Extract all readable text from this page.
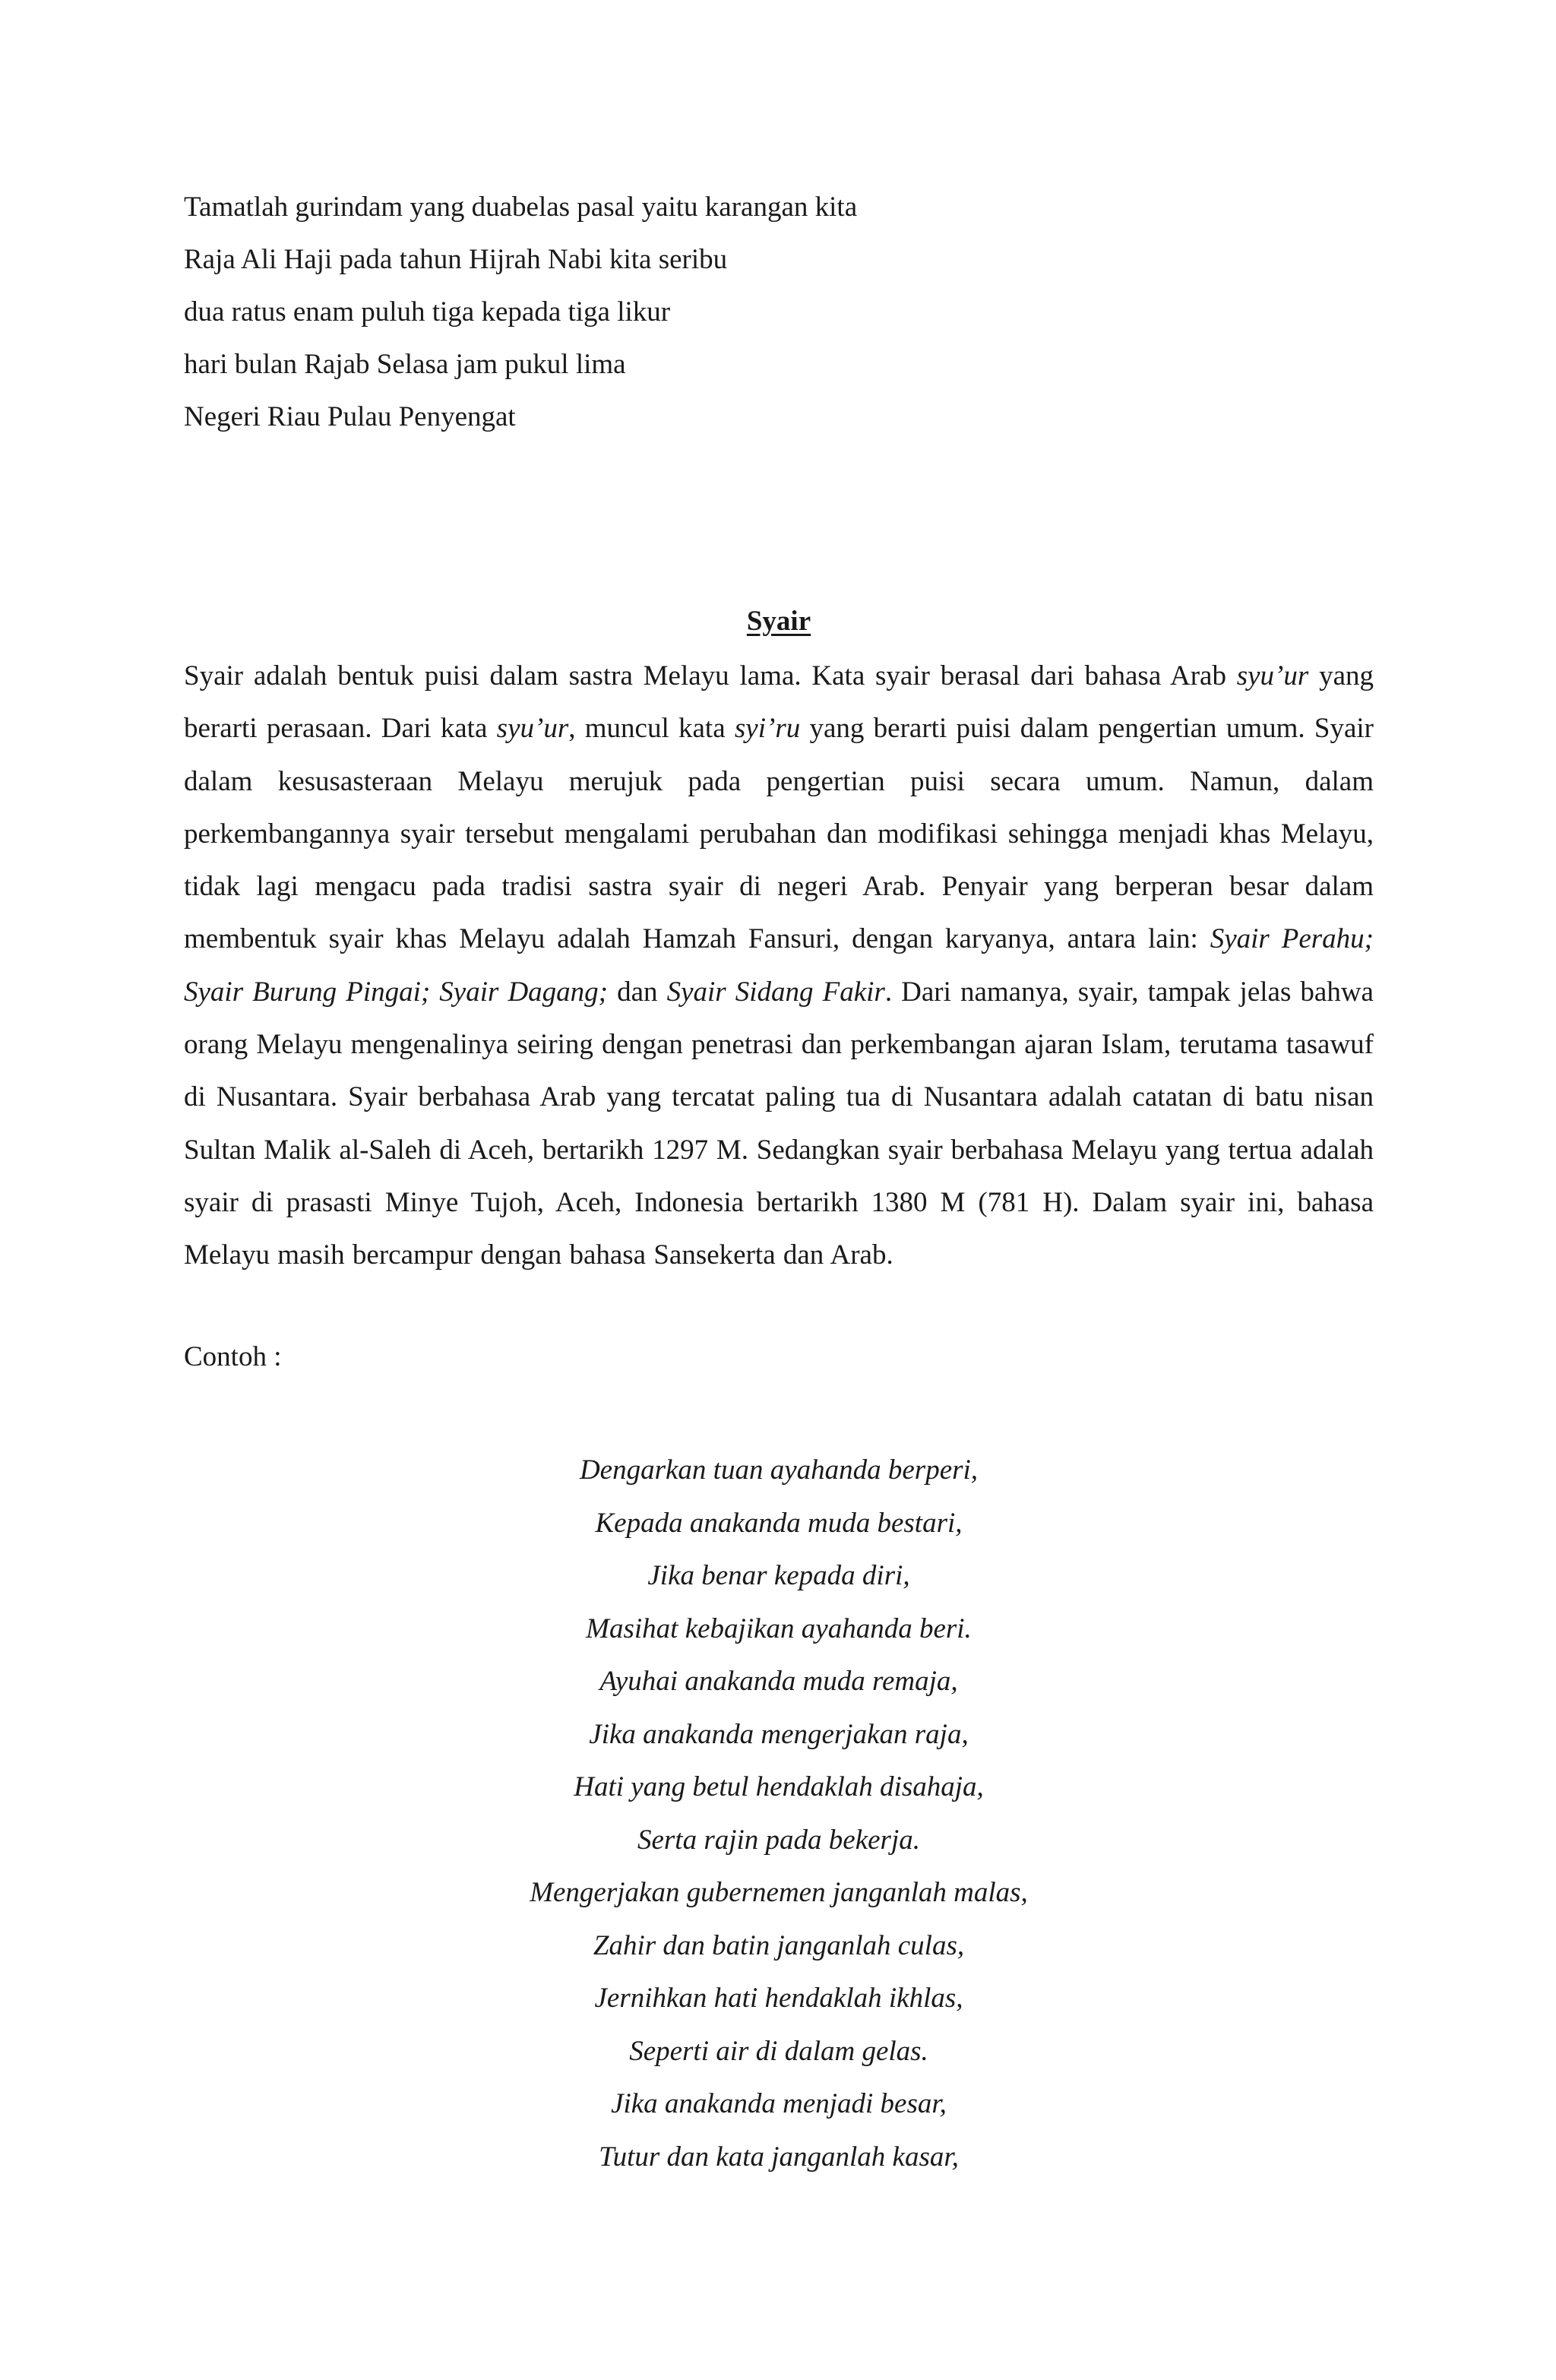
Tamatlah gurindam yang duabelas pasal yaitu karangan kita
Raja Ali Haji pada tahun Hijrah Nabi kita seribu
dua ratus enam puluh tiga kepada tiga likur
hari bulan Rajab Selasa jam pukul lima
Negeri Riau Pulau Penyengat
Syair
Syair adalah bentuk puisi dalam sastra Melayu lama. Kata syair berasal dari bahasa Arab syu’ur yang berarti perasaan. Dari kata syu’ur, muncul kata syi’ru yang berarti puisi dalam pengertian umum. Syair dalam kesusasteraan Melayu merujuk pada pengertian puisi secara umum. Namun, dalam perkembangannya syair tersebut mengalami perubahan dan modifikasi sehingga menjadi khas Melayu, tidak lagi mengacu pada tradisi sastra syair di negeri Arab. Penyair yang berperan besar dalam membentuk syair khas Melayu adalah Hamzah Fansuri, dengan karyanya, antara lain: Syair Perahu; Syair Burung Pingai; Syair Dagang; dan Syair Sidang Fakir. Dari namanya, syair, tampak jelas bahwa orang Melayu mengenalinya seiring dengan penetrasi dan perkembangan ajaran Islam, terutama tasawuf di Nusantara. Syair berbahasa Arab yang tercatat paling tua di Nusantara adalah catatan di batu nisan Sultan Malik al-Saleh di Aceh, bertarikh 1297 M. Sedangkan syair berbahasa Melayu yang tertua adalah syair di prasasti Minye Tujoh, Aceh, Indonesia bertarikh 1380 M (781 H). Dalam syair ini, bahasa Melayu masih bercampur dengan bahasa Sansekerta dan Arab.
Contoh :
Dengarkan tuan ayahanda berperi,
Kepada anakanda muda bestari,
Jika benar kepada diri,
Masihat kebajikan ayahanda beri.
Ayuhai anakanda muda remaja,
Jika anakanda mengerjakan raja,
Hati yang betul hendaklah disahaja,
Serta rajin pada bekerja.
Mengerjakan gubernemen janganlah malas,
Zahir dan batin janganlah culas,
Jernihkan hati hendaklah ikhlas,
Seperti air di dalam gelas.
Jika anakanda menjadi besar,
Tutur dan kata janganlah kasar,
